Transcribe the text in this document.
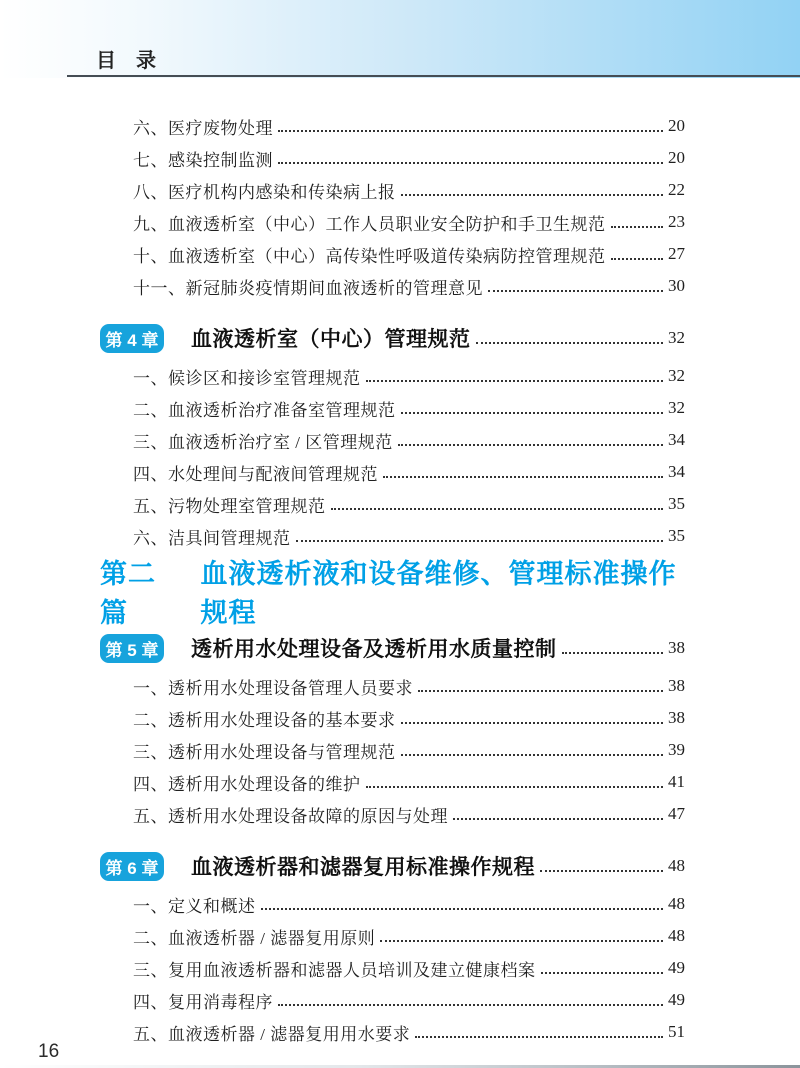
目　录
六、医疗废物处理	20
七、感染控制监测	20
八、医疗机构内感染和传染病上报	22
九、血液透析室（中心）工作人员职业安全防护和手卫生规范	23
十、血液透析室（中心）高传染性呼吸道传染病防控管理规范	27
十一、新冠肺炎疫情期间血液透析的管理意见	30
第 4 章 血液透析室（中心）管理规范	32
一、候诊区和接诊室管理规范	32
二、血液透析治疗准备室管理规范	32
三、血液透析治疗室 / 区管理规范	34
四、水处理间与配液间管理规范	34
五、污物处理室管理规范	35
六、洁具间管理规范	35
第二篇
血液透析液和设备维修、管理标准操作规程
第 5 章 透析用水处理设备及透析用水质量控制	38
一、透析用水处理设备管理人员要求	38
二、透析用水处理设备的基本要求	38
三、透析用水处理设备与管理规范	39
四、透析用水处理设备的维护	41
五、透析用水处理设备故障的原因与处理	47
第 6 章 血液透析器和滤器复用标准操作规程	48
一、定义和概述	48
二、血液透析器 / 滤器复用原则	48
三、复用血液透析器和滤器人员培训及建立健康档案	49
四、复用消毒程序	49
五、血液透析器 / 滤器复用用水要求	51
16
